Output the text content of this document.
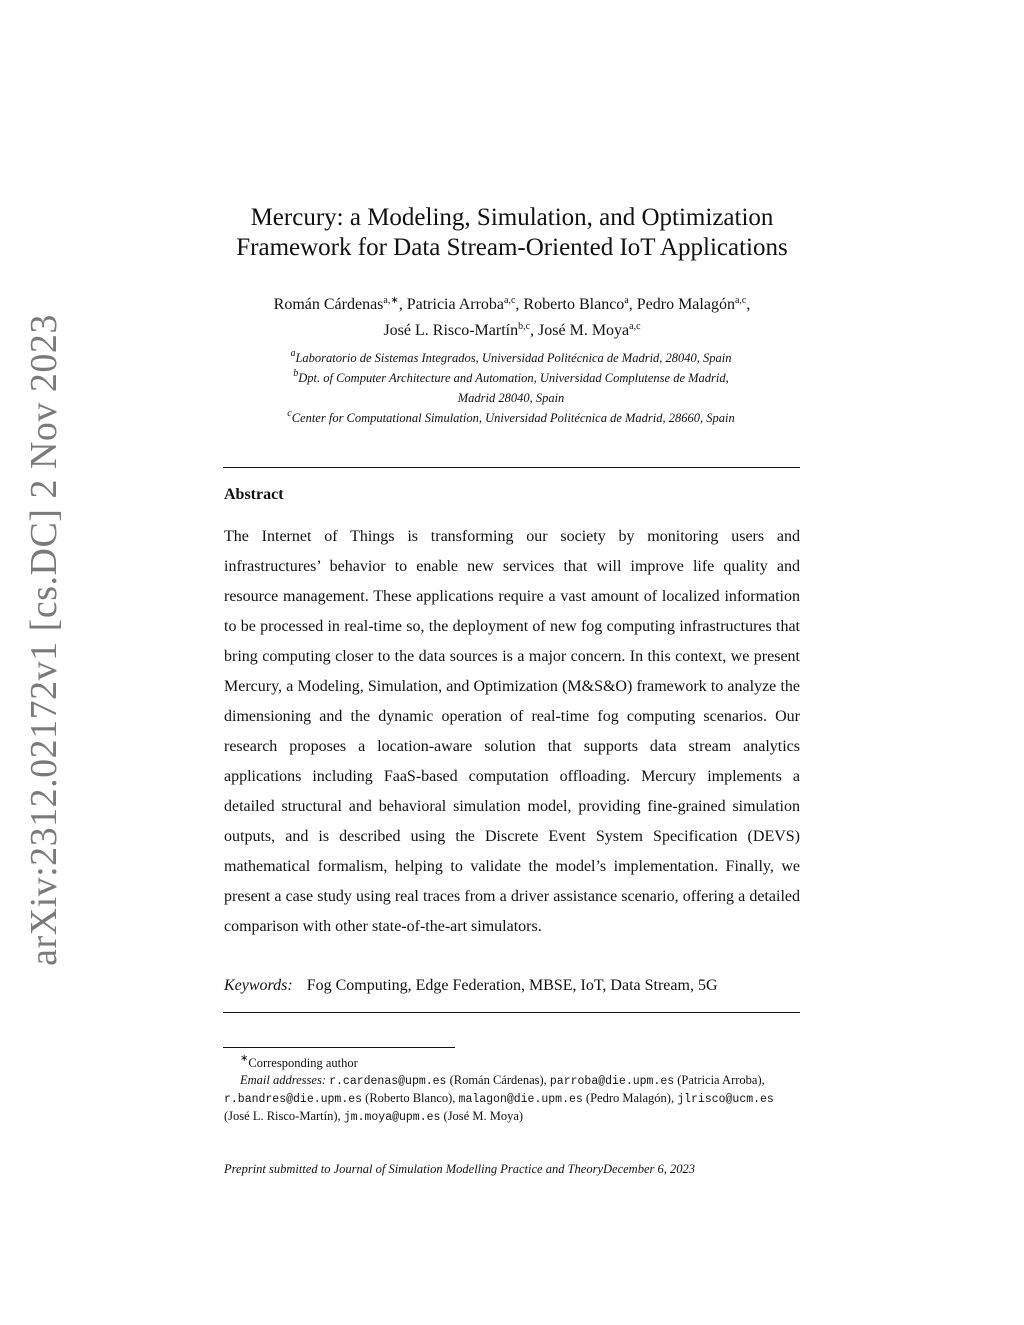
arXiv:2312.02172v1 [cs.DC] 2 Nov 2023
Mercury: a Modeling, Simulation, and Optimization
Framework for Data Stream-Oriented IoT Applications
Román Cárdenas$^{a,∗}$, Patricia Arroba$^{a,c}$, Roberto Blanco$^a$, Pedro Malagón$^{a,c}$,
José L. Risco-Martín$^{b,c}$, José M. Moya$^{a,c}$
$^a$Laboratorio de Sistemas Integrados, Universidad Politécnica de Madrid, 28040, Spain
$^b$Dpt. of Computer Architecture and Automation, Universidad Complutense de Madrid,
Madrid 28040, Spain
$^c$Center for Computational Simulation, Universidad Politécnica de Madrid, 28660, Spain
Abstract
The Internet of Things is transforming our society by monitoring users and infrastructures’ behavior to enable new services that will improve life quality and resource management. These applications require a vast amount of localized information to be processed in real-time so, the deployment of new fog computing infrastructures that bring computing closer to the data sources is a major concern. In this context, we present Mercury, a Modeling, Simulation, and Optimization (M&S&O) framework to analyze the dimensioning and the dynamic operation of real-time fog computing scenarios. Our research proposes a location-aware solution that supports data stream analytics applications including FaaS-based computation offloading. Mercury implements a detailed structural and behavioral simulation model, providing fine-grained simulation outputs, and is described using the Discrete Event System Specification (DEVS) mathematical formalism, helping to validate the model’s implementation. Finally, we present a case study using real traces from a driver assistance scenario, offering a detailed comparison with other state-of-the-art simulators.
Keywords: Fog Computing, Edge Federation, MBSE, IoT, Data Stream, 5G
∗Corresponding author
Email addresses: r.cardenas@upm.es (Román Cárdenas), parroba@die.upm.es (Patricia Arroba), r.bandres@die.upm.es (Roberto Blanco), malagon@die.upm.es (Pedro Malagón), jlrisco@ucm.es (José L. Risco-Martín), jm.moya@upm.es (José M. Moya)
Preprint submitted to Journal of Simulation Modelling Practice and TheoryDecember 6, 2023
